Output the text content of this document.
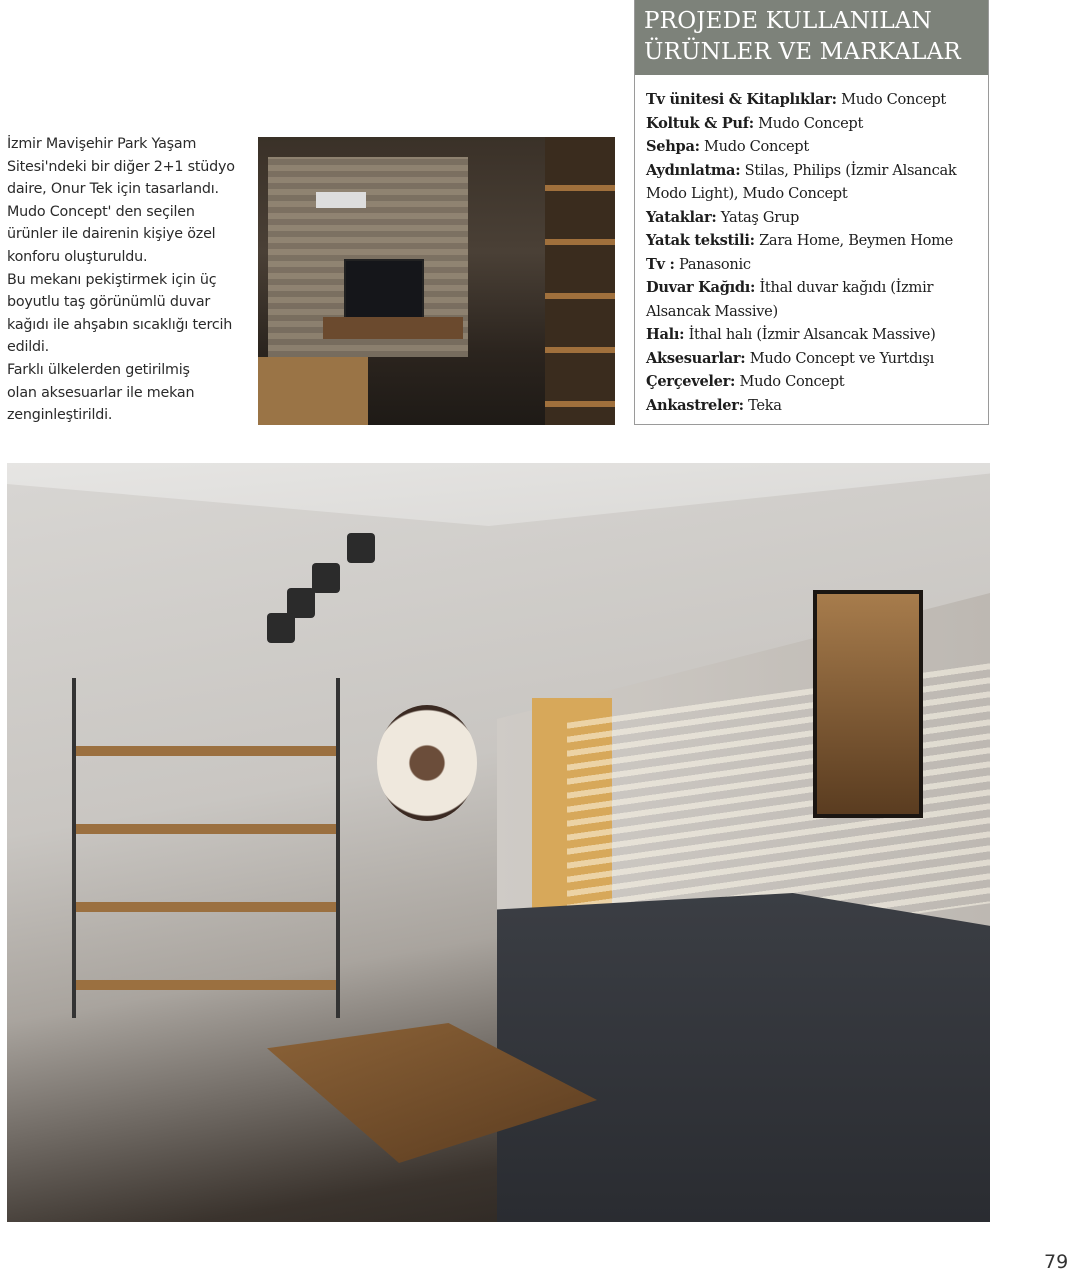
İzmir Mavişehir Park Yaşam

Sitesi'ndeki bir diğer 2+1 stüdyo

daire, Onur Tek için tasarlandı.

Mudo Concept' den seçilen

ürünler ile dairenin kişiye özel

konforu oluşturuldu.

Bu mekanı pekiştirmek için üç

boyutlu taş görünümlü duvar

kağıdı ile ahşabın sıcaklığı tercih

edildi.

Farklı ülkelerden getirilmiş

olan aksesuarlar ile mekan

zenginleştirildi.

PROJEDE KULLANILAN
ÜRÜNLER VE MARKALAR

Tv ünitesi & Kitaplıklar: Mudo Concept

Koltuk & Puf: Mudo Concept

Sehpa: Mudo Concept

Aydınlatma: Stilas, Philips (İzmir Alsancak Modo Light), Mudo Concept

Yataklar: Yataş Grup

Yatak tekstili: Zara Home, Beymen Home

Tv : Panasonic

Duvar Kağıdı: İthal duvar kağıdı (İzmir Alsancak Massive)

Halı: İthal halı (İzmir Alsancak Massive)

Aksesuarlar: Mudo Concept ve Yurtdışı

Çerçeveler: Mudo Concept

Ankastreler: Teka

79
